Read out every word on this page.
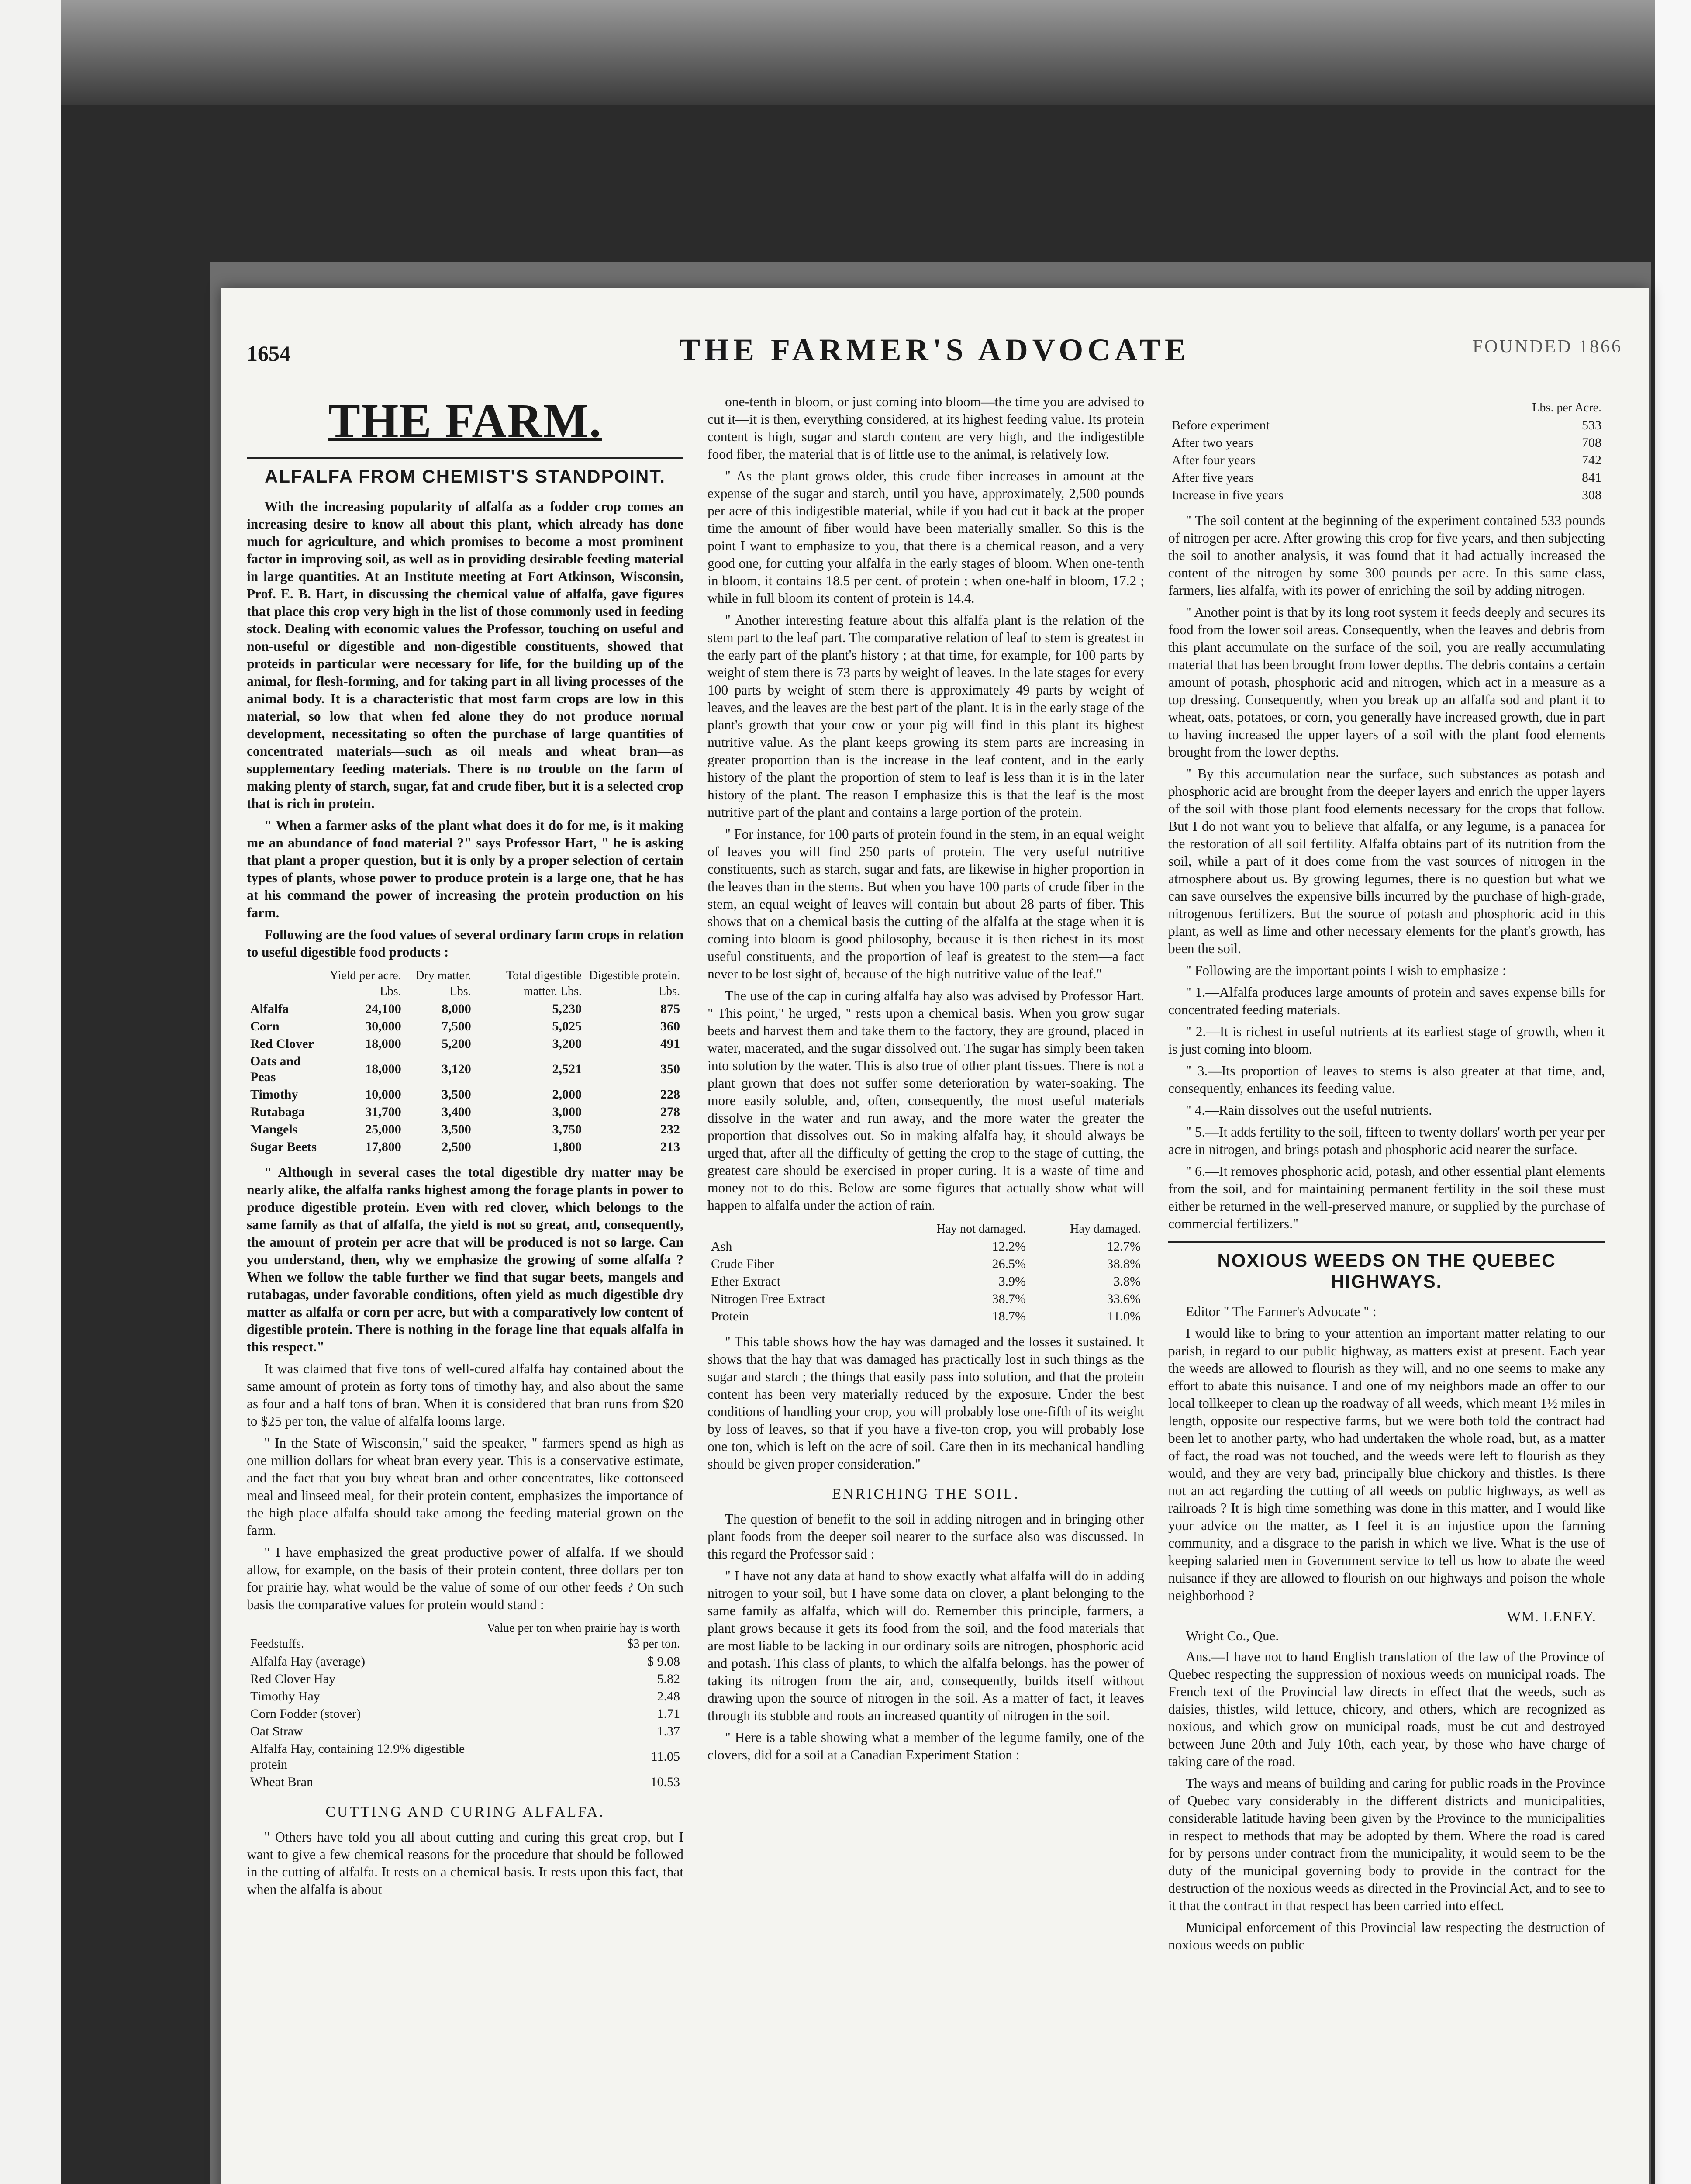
THE FARMER'S ADVOCATE
1654	FOUNDED 1866
THE FARM.
ALFALFA FROM CHEMIST'S STANDPOINT.

With the increasing popularity of alfalfa as a fodder crop comes an increasing desire to know all about this plant, which already has done much for agriculture, and which promises to become a most prominent factor in improving soil, as well as in providing desirable feeding material in large quantities. At an Institute meeting at Fort Atkinson, Wisconsin, Prof. E. B. Hart, in discussing the chemical value of alfalfa, gave figures that place this crop very high in the list of those commonly used in feeding stock. Dealing with economic values the Professor, touching on useful and non-useful or digestible and non-digestible constituents, showed that proteids in particular were necessary for life, for the building up of the animal, for flesh-forming, and for taking part in all living processes of the animal body. It is a characteristic that most farm crops are low in this material, so low that when fed alone they do not produce normal development, necessitating so often the purchase of large quantities of concentrated materials—such as oil meals and wheat bran—as supplementary feeding materials. There is no trouble on the farm of making plenty of starch, sugar, fat and crude fiber, but it is a selected crop that is rich in protein.

" When a farmer asks of the plant what does it do for me, is it making me an abundance of food material ?" says Professor Hart, " he is asking that plant a proper question, but it is only by a proper selection of certain types of plants, whose power to produce protein is a large one, that he has at his command the power of increasing the protein production on his farm.

Following are the food values of several ordinary farm crops in relation to useful digestible food products :

	Yield per acre. Lbs.	Dry matter. Lbs.	Total digestible matter. Lbs.	Digestible protein. Lbs.
Alfalfa	24,100	8,000	5,230	875
Corn	30,000	7,500	5,025	360
Red Clover	18,000	5,200	3,200	491
Oats and Peas	18,000	3,120	2,521	350
Timothy	10,000	3,500	2,000	228
Rutabaga	31,700	3,400	3,000	278
Mangels	25,000	3,500	3,750	232
Sugar Beets	17,800	2,500	1,800	213

" Although in several cases the total digestible dry matter may be nearly alike, the alfalfa ranks highest among the forage plants in power to produce digestible protein. Even with red clover, which belongs to the same family as that of alfalfa, the yield is not so great, and, consequently, the amount of protein per acre that will be produced is not so large. Can you understand, then, why we emphasize the growing of some alfalfa ? When we follow the table further we find that sugar beets, mangels and rutabagas, under favorable conditions, often yield as much digestible dry matter as alfalfa or corn per acre, but with a comparatively low content of digestible protein. There is nothing in the forage line that equals alfalfa in this respect."

It was claimed that five tons of well-cured alfalfa hay contained about the same amount of protein as forty tons of timothy hay, and also about the same as four and a half tons of bran. When it is considered that bran runs from $20 to $25 per ton, the value of alfalfa looms large.

" In the State of Wisconsin," said the speaker, " farmers spend as high as one million dollars for wheat bran every year. This is a conservative estimate, and the fact that you buy wheat bran and other concentrates, like cottonseed meal and linseed meal, for their protein content, emphasizes the importance of the high place alfalfa should take among the feeding material grown on the farm.

" I have emphasized the great productive power of alfalfa. If we should allow, for example, on the basis of their protein content, three dollars per ton for prairie hay, what would be the value of some of our other feeds ? On such basis the comparative values for protein would stand :

Feedstuffs.	Value per ton when prairie hay is worth $3 per ton.
Alfalfa Hay (average)	$ 9.08
Red Clover Hay	5.82
Timothy Hay	2.48
Corn Fodder (stover)	1.71
Oat Straw	1.37
Alfalfa Hay, containing 12.9% digestible protein	11.05
Wheat Bran	10.53
CUTTING AND CURING ALFALFA.

" Others have told you all about cutting and curing this great crop, but I want to give a few chemical reasons for the procedure that should be followed in the cutting of alfalfa. It rests on a chemical basis. It rests upon this fact, that when the alfalfa is about

one-tenth in bloom, or just coming into bloom—the time you are advised to cut it—it is then, everything considered, at its highest feeding value. Its protein content is high, sugar and starch content are very high, and the indigestible food fiber, the material that is of little use to the animal, is relatively low.

" As the plant grows older, this crude fiber increases in amount at the expense of the sugar and starch, until you have, approximately, 2,500 pounds per acre of this indigestible material, while if you had cut it back at the proper time the amount of fiber would have been materially smaller. So this is the point I want to emphasize to you, that there is a chemical reason, and a very good one, for cutting your alfalfa in the early stages of bloom. When one-tenth in bloom, it contains 18.5 per cent. of protein ; when one-half in bloom, 17.2 ; while in full bloom its content of protein is 14.4.

" Another interesting feature about this alfalfa plant is the relation of the stem part to the leaf part. The comparative relation of leaf to stem is greatest in the early part of the plant's history ; at that time, for example, for 100 parts by weight of stem there is 73 parts by weight of leaves. In the late stages for every 100 parts by weight of stem there is approximately 49 parts by weight of leaves, and the leaves are the best part of the plant. It is in the early stage of the plant's growth that your cow or your pig will find in this plant its highest nutritive value. As the plant keeps growing its stem parts are increasing in greater proportion than is the increase in the leaf content, and in the early history of the plant the proportion of stem to leaf is less than it is in the later history of the plant. The reason I emphasize this is that the leaf is the most nutritive part of the plant and contains a large portion of the protein.

" For instance, for 100 parts of protein found in the stem, in an equal weight of leaves you will find 250 parts of protein. The very useful nutritive constituents, such as starch, sugar and fats, are likewise in higher proportion in the leaves than in the stems. But when you have 100 parts of crude fiber in the stem, an equal weight of leaves will contain but about 28 parts of fiber. This shows that on a chemical basis the cutting of the alfalfa at the stage when it is coming into bloom is good philosophy, because it is then richest in its most useful constituents, and the proportion of leaf is greatest to the stem—a fact never to be lost sight of, because of the high nutritive value of the leaf."

The use of the cap in curing alfalfa hay also was advised by Professor Hart. " This point," he urged, " rests upon a chemical basis. When you grow sugar beets and harvest them and take them to the factory, they are ground, placed in water, macerated, and the sugar dissolved out. The sugar has simply been taken into solution by the water. This is also true of other plant tissues. There is not a plant grown that does not suffer some deterioration by water-soaking. The more easily soluble, and, often, consequently, the most useful materials dissolve in the water and run away, and the more water the greater the proportion that dissolves out. So in making alfalfa hay, it should always be urged that, after all the difficulty of getting the crop to the stage of cutting, the greatest care should be exercised in proper curing. It is a waste of time and money not to do this. Below are some figures that actually show what will happen to alfalfa under the action of rain.

	Hay not damaged.	Hay damaged.
Ash	12.2%	12.7%
Crude Fiber	26.5%	38.8%
Ether Extract	3.9%	3.8%
Nitrogen Free Extract	38.7%	33.6%
Protein	18.7%	11.0%

" This table shows how the hay was damaged and the losses it sustained. It shows that the hay that was damaged has practically lost in such things as the sugar and starch ; the things that easily pass into solution, and that the protein content has been very materially reduced by the exposure. Under the best conditions of handling your crop, you will probably lose one-fifth of its weight by loss of leaves, so that if you have a five-ton crop, you will probably lose one ton, which is left on the acre of soil. Care then in its mechanical handling should be given proper consideration."

ENRICHING THE SOIL.

The question of benefit to the soil in adding nitrogen and in bringing other plant foods from the deeper soil nearer to the surface also was discussed. In this regard the Professor said :

" I have not any data at hand to show exactly what alfalfa will do in adding nitrogen to your soil, but I have some data on clover, a plant belonging to the same family as alfalfa, which will do. Remember this principle, farmers, a plant grows because it gets its food from the soil, and the food materials that are most liable to be lacking in our ordinary soils are nitrogen, phosphoric acid and potash. This class of plants, to which the alfalfa belongs, has the power of taking its nitrogen from the air, and, consequently, builds itself without drawing upon the source of nitrogen in the soil. As a matter of fact, it leaves through its stubble and roots an increased quantity of nitrogen in the soil.

" Here is a table showing what a member of the legume family, one of the clovers, did for a soil at a Canadian Experiment Station :

	Lbs. per Acre.
Before experiment	533
After two years	708
After four years	742
After five years	841
Increase in five years	308

" The soil content at the beginning of the experiment contained 533 pounds of nitrogen per acre. After growing this crop for five years, and then subjecting the soil to another analysis, it was found that it had actually increased the content of the nitrogen by some 300 pounds per acre. In this same class, farmers, lies alfalfa, with its power of enriching the soil by adding nitrogen.

" Another point is that by its long root system it feeds deeply and secures its food from the lower soil areas. Consequently, when the leaves and debris from this plant accumulate on the surface of the soil, you are really accumulating material that has been brought from lower depths. The debris contains a certain amount of potash, phosphoric acid and nitrogen, which act in a measure as a top dressing. Consequently, when you break up an alfalfa sod and plant it to wheat, oats, potatoes, or corn, you generally have increased growth, due in part to having increased the upper layers of a soil with the plant food elements brought from the lower depths.

" By this accumulation near the surface, such substances as potash and phosphoric acid are brought from the deeper layers and enrich the upper layers of the soil with those plant food elements necessary for the crops that follow. But I do not want you to believe that alfalfa, or any legume, is a panacea for the restoration of all soil fertility. Alfalfa obtains part of its nutrition from the soil, while a part of it does come from the vast sources of nitrogen in the atmosphere about us. By growing legumes, there is no question but what we can save ourselves the expensive bills incurred by the purchase of high-grade, nitrogenous fertilizers. But the source of potash and phosphoric acid in this plant, as well as lime and other necessary elements for the plant's growth, has been the soil.

" Following are the important points I wish to emphasize :

" 1.—Alfalfa produces large amounts of protein and saves expense bills for concentrated feeding materials.

" 2.—It is richest in useful nutrients at its earliest stage of growth, when it is just coming into bloom.

" 3.—Its proportion of leaves to stems is also greater at that time, and, consequently, enhances its feeding value.

" 4.—Rain dissolves out the useful nutrients.

" 5.—It adds fertility to the soil, fifteen to twenty dollars' worth per year per acre in nitrogen, and brings potash and phosphoric acid nearer the surface.

" 6.—It removes phosphoric acid, potash, and other essential plant elements from the soil, and for maintaining permanent fertility in the soil these must either be returned in the well-preserved manure, or supplied by the purchase of commercial fertilizers."

NOXIOUS WEEDS ON THE QUEBEC HIGHWAYS.

Editor " The Farmer's Advocate " :

I would like to bring to your attention an important matter relating to our parish, in regard to our public highway, as matters exist at present. Each year the weeds are allowed to flourish as they will, and no one seems to make any effort to abate this nuisance. I and one of my neighbors made an offer to our local tollkeeper to clean up the roadway of all weeds, which meant 1½ miles in length, opposite our respective farms, but we were both told the contract had been let to another party, who had undertaken the whole road, but, as a matter of fact, the road was not touched, and the weeds were left to flourish as they would, and they are very bad, principally blue chickory and thistles. Is there not an act regarding the cutting of all weeds on public highways, as well as railroads ? It is high time something was done in this matter, and I would like your advice on the matter, as I feel it is an injustice upon the farming community, and a disgrace to the parish in which we live. What is the use of keeping salaried men in Government service to tell us how to abate the weed nuisance if they are allowed to flourish on our highways and poison the whole neighborhood ?

WM. LENEY.
Wright Co., Que.

Ans.—I have not to hand English translation of the law of the Province of Quebec respecting the suppression of noxious weeds on municipal roads. The French text of the Provincial law directs in effect that the weeds, such as daisies, thistles, wild lettuce, chicory, and others, which are recognized as noxious, and which grow on municipal roads, must be cut and destroyed between June 20th and July 10th, each year, by those who have charge of taking care of the road.

The ways and means of building and caring for public roads in the Province of Quebec vary considerably in the different districts and municipalities, considerable latitude having been given by the Province to the municipalities in respect to methods that may be adopted by them. Where the road is cared for by persons under contract from the municipality, it would seem to be the duty of the municipal governing body to provide in the contract for the destruction of the noxious weeds as directed in the Provincial Act, and to see to it that the contract in that respect has been carried into effect.

Municipal enforcement of this Provincial law respecting the destruction of noxious weeds on public
